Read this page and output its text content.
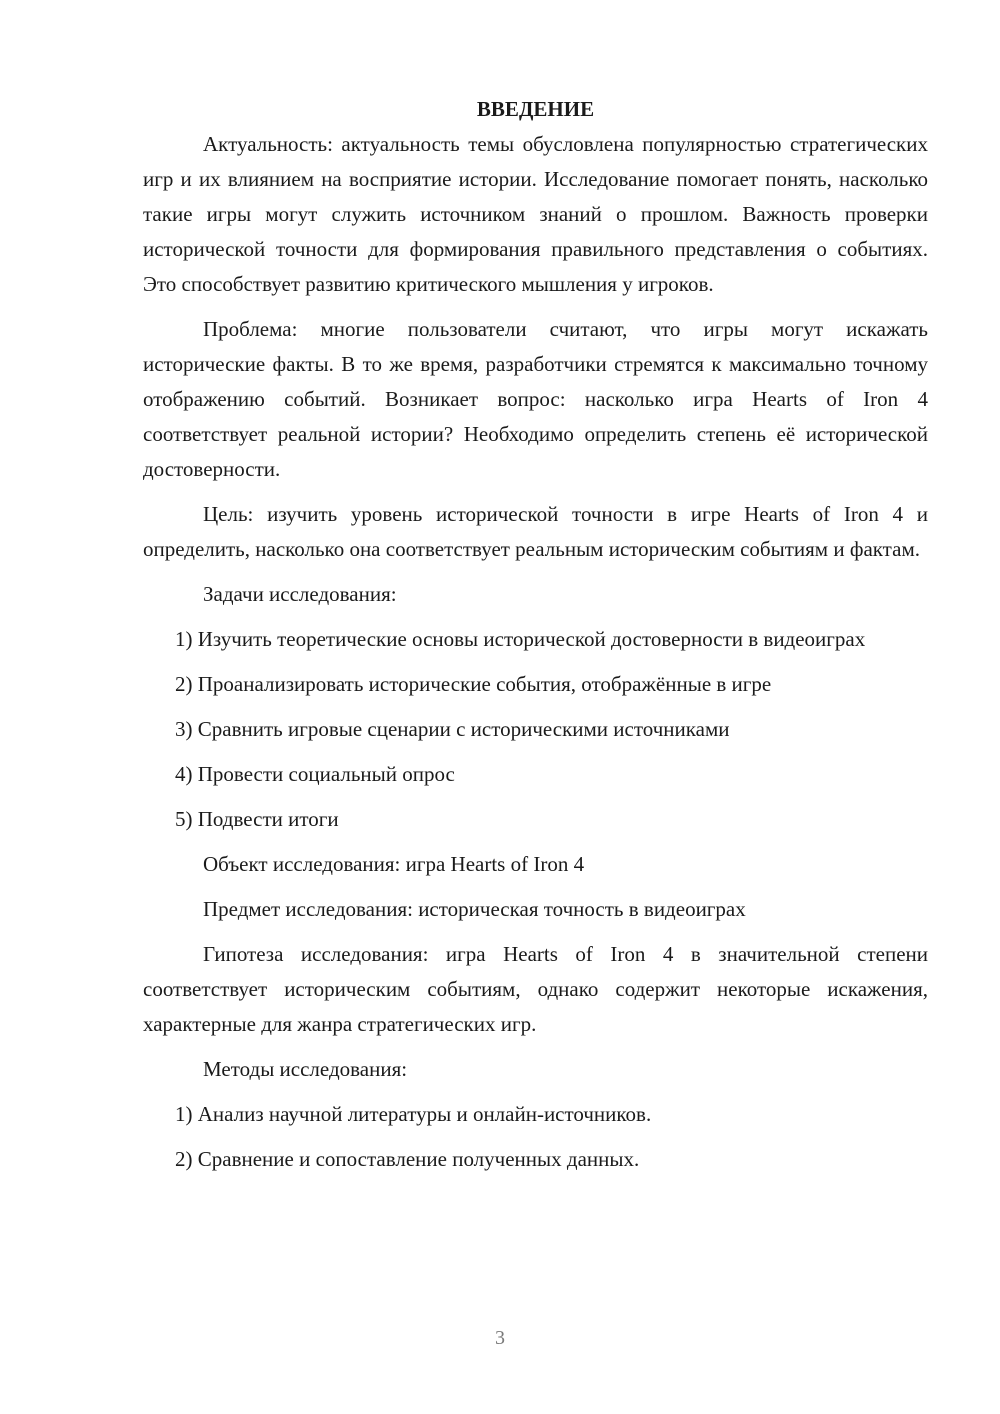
ВВЕДЕНИЕ

Актуальность: актуальность темы обусловлена популярностью стратегических игр и их влиянием на восприятие истории. Исследование помогает понять, насколько такие игры могут служить источником знаний о прошлом. Важность проверки исторической точности для формирования правильного представления о событиях. Это способствует развитию критического мышления у игроков.

Проблема: многие пользователи считают, что игры могут искажать исторические факты. В то же время, разработчики стремятся к максимально точному отображению событий. Возникает вопрос: насколько игра Hearts of Iron 4 соответствует реальной истории? Необходимо определить степень её исторической достоверности.

Цель: изучить уровень исторической точности в игре Hearts of Iron 4 и определить, насколько она соответствует реальным историческим событиям и фактам.

Задачи исследования:

1) Изучить теоретические основы исторической достоверности в видеоиграх

2) Проанализировать исторические события, отображённые в игре

3) Сравнить игровые сценарии с историческими источниками

4) Провести социальный опрос

5) Подвести итоги

Объект исследования: игра Hearts of Iron 4

Предмет исследования: историческая точность в видеоиграх

Гипотеза исследования: игра Hearts of Iron 4 в значительной степени соответствует историческим событиям, однако содержит некоторые искажения, характерные для жанра стратегических игр.

Методы исследования:

1) Анализ научной литературы и онлайн-источников.

2) Сравнение и сопоставление полученных данных.

3
